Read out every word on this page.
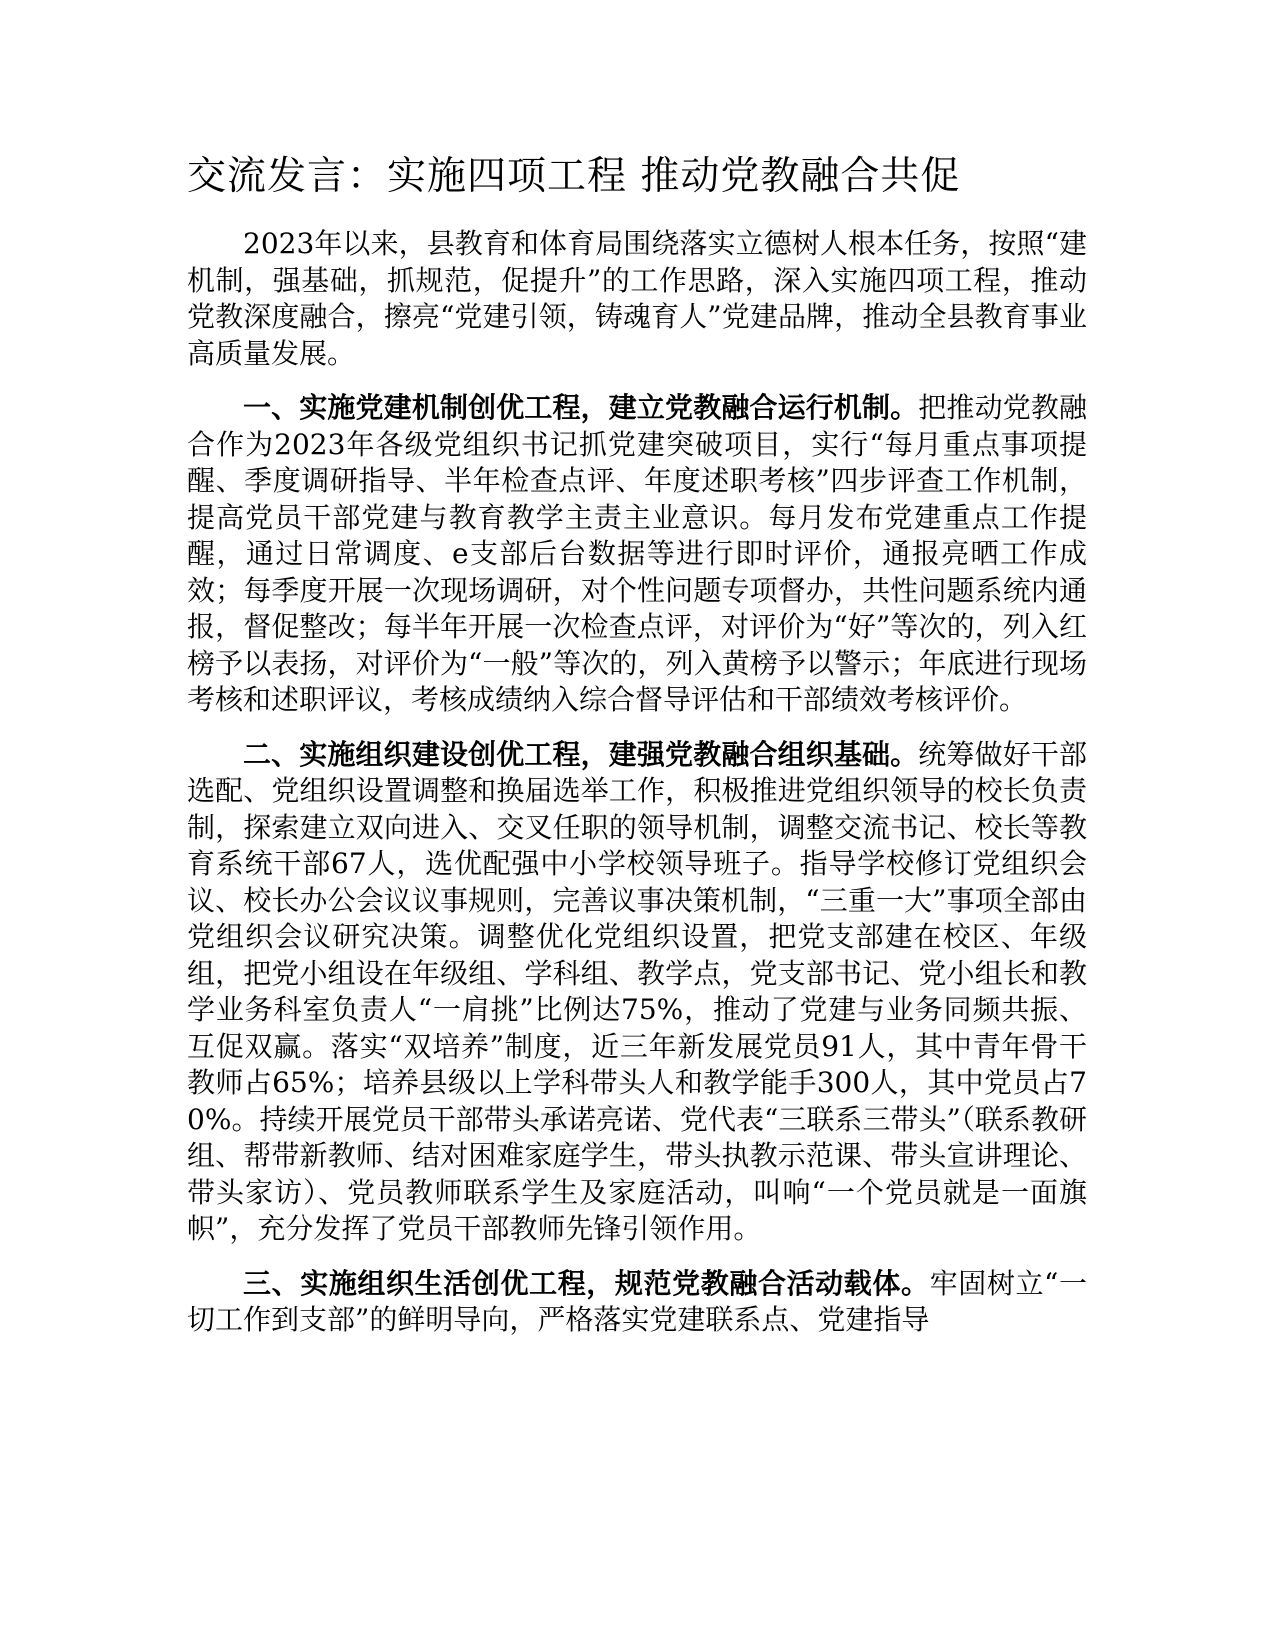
交流发言：实施四项工程 推动党教融合共促

2023年以来，县教育和体育局围绕落实立德树人根本任务，按照“建机制，强基础，抓规范，促提升”的工作思路，深入实施四项工程，推动党教深度融合，擦亮“党建引领，铸魂育人”党建品牌，推动全县教育事业高质量发展。

一、实施党建机制创优工程，建立党教融合运行机制。把推动党教融合作为2023年各级党组织书记抓党建突破项目，实行“每月重点事项提醒、季度调研指导、半年检查点评、年度述职考核”四步评查工作机制，提高党员干部党建与教育教学主责主业意识。每月发布党建重点工作提醒，通过日常调度、e支部后台数据等进行即时评价，通报亮晒工作成效；每季度开展一次现场调研，对个性问题专项督办，共性问题系统内通报，督促整改；每半年开展一次检查点评，对评价为“好”等次的，列入红榜予以表扬，对评价为“一般”等次的，列入黄榜予以警示；年底进行现场考核和述职评议，考核成绩纳入综合督导评估和干部绩效考核评价。

二、实施组织建设创优工程，建强党教融合组织基础。统筹做好干部选配、党组织设置调整和换届选举工作，积极推进党组织领导的校长负责制，探索建立双向进入、交叉任职的领导机制，调整交流书记、校长等教育系统干部67人，选优配强中小学校领导班子。指导学校修订党组织会议、校长办公会议议事规则，完善议事决策机制，“三重一大”事项全部由党组织会议研究决策。调整优化党组织设置，把党支部建在校区、年级组，把党小组设在年级组、学科组、教学点，党支部书记、党小组长和教学业务科室负责人“一肩挑”比例达75%，推动了党建与业务同频共振、互促双赢。落实“双培养”制度，近三年新发展党员91人，其中青年骨干教师占65%；培养县级以上学科带头人和教学能手300人，其中党员占70%。持续开展党员干部带头承诺亮诺、党代表“三联系三带头”（联系教研组、帮带新教师、结对困难家庭学生，带头执教示范课、带头宣讲理论、带头家访）、党员教师联系学生及家庭活动，叫响“一个党员就是一面旗帜”，充分发挥了党员干部教师先锋引领作用。

三、实施组织生活创优工程，规范党教融合活动载体。牢固树立“一切工作到支部”的鲜明导向，严格落实党建联系点、党建指导
